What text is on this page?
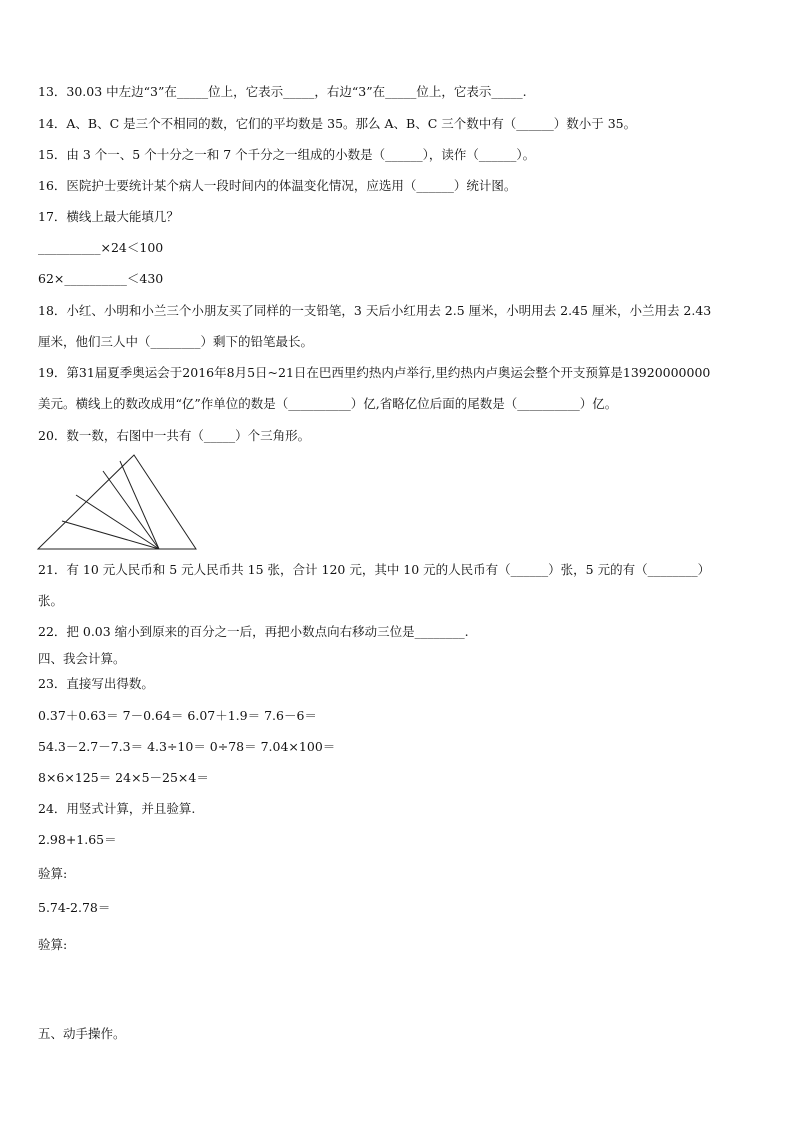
13．30.03 中左边“3”在_____位上，它表示_____，右边“3”在_____位上，它表示_____.
14．A、B、C 是三个不相同的数，它们的平均数是 35。那么 A、B、C 三个数中有（______）数小于 35。
15．由 3 个一、5 个十分之一和 7 个千分之一组成的小数是（______），读作（______）。
16．医院护士要统计某个病人一段时间内的体温变化情况，应选用（______）统计图。
17．横线上最大能填几？
__________×24＜100
62×__________＜430
18．小红、小明和小兰三个小朋友买了同样的一支铅笔，3 天后小红用去 2.5 厘米，小明用去 2.45 厘米，小兰用去 2.43
厘米，他们三人中（________）剩下的铅笔最长。
19．第31届夏季奥运会于2016年8月5日~21日在巴西里约热内卢举行,里约热内卢奥运会整个开支预算是13920000000
美元。横线上的数改成用“亿”作单位的数是（__________）亿,省略亿位后面的尾数是（__________）亿。
20．数一数，右图中一共有（_____）个三角形。
21．有 10 元人民币和 5 元人民币共 15 张，合计 120 元，其中 10 元的人民币有（______）张，5 元的有（________）
张。
22．把 0.03 缩小到原来的百分之一后，再把小数点向右移动三位是________.
四、我会计算。
23．直接写出得数。
0.37＋0.63＝ 7－0.64＝ 6.07＋1.9＝ 7.6－6＝
54.3－2.7－7.3＝ 4.3÷10＝ 0÷78＝ 7.04×100＝
8×6×125＝ 24×5－25×4＝
24．用竖式计算，并且验算.
2.98+1.65＝
验算:
5.74-2.78＝
验算:
五、动手操作。
